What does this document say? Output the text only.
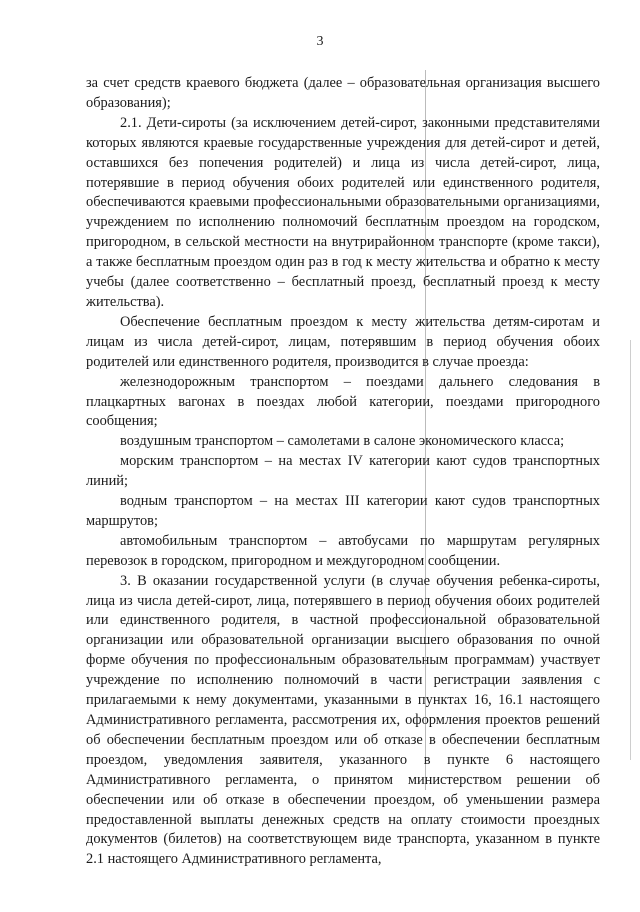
3

за счет средств краевого бюджета (далее – образовательная организация высшего образования);

2.1. Дети-сироты (за исключением детей-сирот, законными представителями которых являются краевые государственные учреждения для детей-сирот и детей, оставшихся без попечения родителей) и лица из числа детей-сирот, лица, потерявшие в период обучения обоих родителей или единственного родителя, обеспечиваются краевыми профессиональными образовательными организациями, учреждением по исполнению полномочий бесплатным проездом на городском, пригородном, в сельской местности на внутрирайонном транспорте (кроме такси), а также бесплатным проездом один раз в год к месту жительства и обратно к месту учебы (далее соответственно – бесплатный проезд, бесплатный проезд к месту жительства).

Обеспечение бесплатным проездом к месту жительства детям-сиротам и лицам из числа детей-сирот, лицам, потерявшим в период обучения обоих родителей или единственного родителя, производится в случае проезда:

железнодорожным транспортом – поездами дальнего следования в плацкартных вагонах в поездах любой категории, поездами пригородного сообщения;

воздушным транспортом – самолетами в салоне экономического класса;

морским транспортом – на местах IV категории кают судов транспортных линий;

водным транспортом – на местах III категории кают судов транспортных маршрутов;

автомобильным транспортом – автобусами по маршрутам регулярных перевозок в городском, пригородном и междугородном сообщении.

3. В оказании государственной услуги (в случае обучения ребенка-сироты, лица из числа детей-сирот, лица, потерявшего в период обучения обоих родителей или единственного родителя, в частной профессиональной образовательной организации или образовательной организации высшего образования по очной форме обучения по профессиональным образовательным программам) участвует учреждение по исполнению полномочий в части регистрации заявления с прилагаемыми к нему документами, указанными в пунктах 16, 16.1 настоящего Административного регламента, рассмотрения их, оформления проектов решений об обеспечении бесплатным проездом или об отказе в обеспечении бесплатным проездом, уведомления заявителя, указанного в пункте 6 настоящего Административного регламента, о принятом министерством решении об обеспечении или об отказе в обеспечении проездом, об уменьшении размера предоставленной выплаты денежных средств на оплату стоимости проездных документов (билетов) на соответствующем виде транспорта, указанном в пункте 2.1 настоящего Административного регламента,
